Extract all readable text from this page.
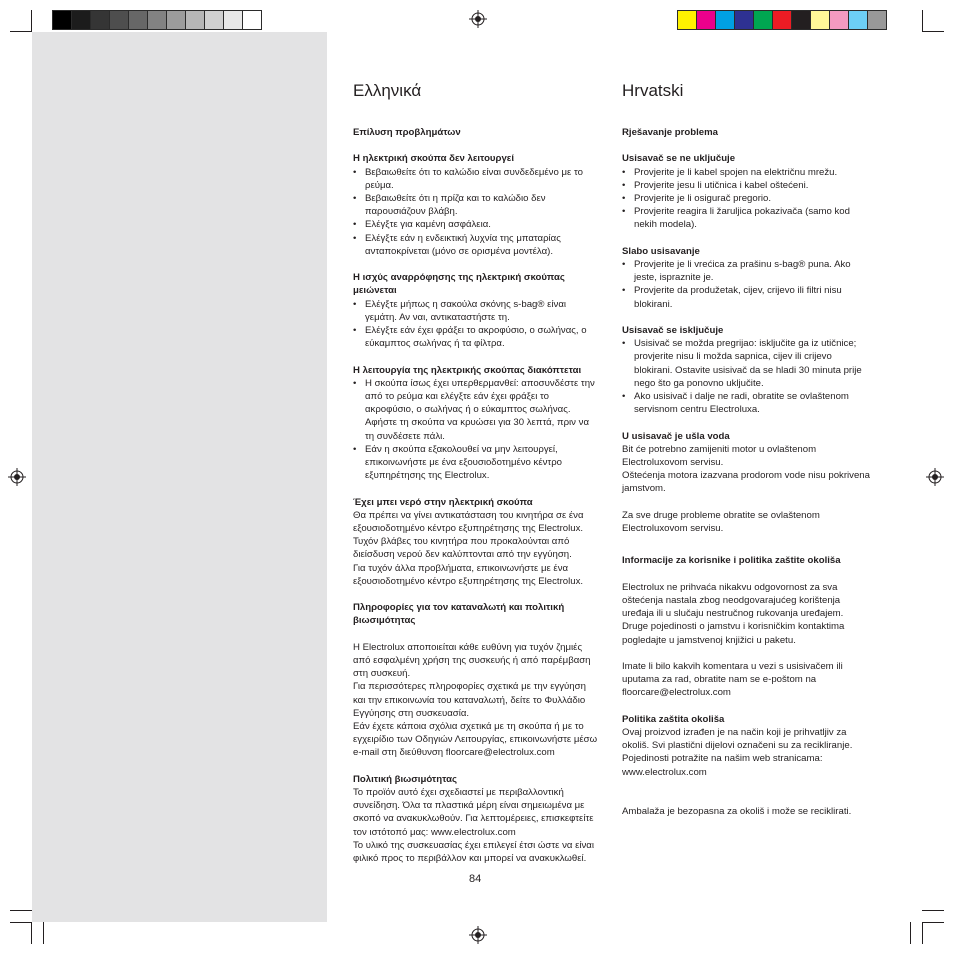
Ελληνικά

Επίλυση προβλημάτων

Η ηλεκτρική σκούπα δεν λειτουργεί

• Βεβαιωθείτε ότι το καλώδιο είναι συνδεδεμένο με το ρεύμα.
• Βεβαιωθείτε ότι η πρίζα και το καλώδιο δεν παρουσιάζουν βλάβη.
• Ελέγξτε για καμένη ασφάλεια.
• Ελέγξτε εάν η ενδεικτική λυχνία της μπαταρίας ανταποκρίνεται (μόνο σε ορισμένα μοντέλα).

Η ισχύς αναρρόφησης της ηλεκτρική σκούπας μειώνεται

• Ελέγξτε μήπως η σακούλα σκόνης s-bag® είναι γεμάτη. Αν ναι, αντικαταστήστε τη.
• Ελέγξτε εάν έχει φράξει το ακροφύσιο, ο σωλήνας, ο εύκαμπτος σωλήνας ή τα φίλτρα.

Η λειτουργία της ηλεκτρικής σκούπας διακόπτεται

• Η σκούπα ίσως έχει υπερθερμανθεί: αποσυνδέστε την από το ρεύμα και ελέγξτε εάν έχει φράξει το ακροφύσιο, ο σωλήνας ή ο εύκαμπτος σωλήνας. Αφήστε τη σκούπα να κρυώσει για 30 λεπτά, πριν να τη συνδέσετε πάλι.
• Εάν η σκούπα εξακολουθεί να μην λειτουργεί, επικοινωνήστε με ένα εξουσιοδοτημένο κέντρο εξυπηρέτησης της Electrolux.

Έχει μπει νερό στην ηλεκτρική σκούπα

Θα πρέπει να γίνει αντικατάσταση του κινητήρα σε ένα εξουσιοδοτημένο κέντρο εξυπηρέτησης της Electrolux. Τυχόν βλάβες του κινητήρα που προκαλούνται από διείσδυση νερού δεν καλύπτονται από την εγγύηση.

Για τυχόν άλλα προβλήματα, επικοινωνήστε με ένα εξουσιοδοτημένο κέντρο εξυπηρέτησης της Electrolux.

Πληροφορίες για τον καταναλωτή και πολιτική βιωσιμότητας

Η Electrolux αποποιείται κάθε ευθύνη για τυχόν ζημιές από εσφαλμένη χρήση της συσκευής ή από παρέμβαση στη συσκευή.

Για περισσότερες πληροφορίες σχετικά με την εγγύηση και την επικοινωνία του καταναλωτή, δείτε το Φυλλάδιο Εγγύησης στη συσκευασία.

Εάν έχετε κάποια σχόλια σχετικά με τη σκούπα ή με το εγχειρίδιο των Οδηγιών Λειτουργίας, επικοινωνήστε μέσω e-mail στη διεύθυνση floorcare@electrolux.com

Πολιτική βιωσιμότητας

Το προϊόν αυτό έχει σχεδιαστεί με περιβαλλοντική συνείδηση. Όλα τα πλαστικά μέρη είναι σημειωμένα με σκοπό να ανακυκλωθούν. Για λεπτομέρειες, επισκεφτείτε τον ιστότοπό μας: www.electrolux.com

Το υλικό της συσκευασίας έχει επιλεγεί έτσι ώστε να είναι φιλικό προς το περιβάλλον και μπορεί να ανακυκλωθεί.

Hrvatski

Rješavanje problema

Usisavač se ne uključuje

• Provjerite je li kabel spojen na električnu mrežu.
• Provjerite jesu li utičnica i kabel oštećeni.
• Provjerite je li osigurač pregorio.
• Provjerite reagira li žaruljica pokazivača (samo kod nekih modela).

Slabo usisavanje

• Provjerite je li vrećica za prašinu s-bag® puna. Ako jeste, ispraznite je.
• Provjerite da produžetak, cijev, crijevo ili filtri nisu blokirani.

Usisavač se isključuje

• Usisivač se možda pregrijao: isključite ga iz utičnice; provjerite nisu li možda sapnica, cijev ili crijevo blokirani. Ostavite usisivač da se hladi 30 minuta prije nego što ga ponovno uključite.
• Ako usisivač i dalje ne radi, obratite se ovlaštenom servisnom centru Electroluxa.

U usisavač je ušla voda

Bit će potrebno zamijeniti motor u ovlaštenom Electroluxovom servisu.

Oštećenja motora izazvana prodorom vode nisu pokrivena jamstvom.

Za sve druge probleme obratite se ovlaštenom Electroluxovom servisu.

Informacije za korisnike i politika zaštite okoliša

Electrolux ne prihvaća nikakvu odgovornost za sva oštećenja nastala zbog neodgovarajućeg korištenja uređaja ili u slučaju nestručnog rukovanja uređajem. Druge pojedinosti o jamstvu i korisničkim kontaktima pogledajte u jamstvenoj knjižici u paketu.

Imate li bilo kakvih komentara u vezi s usisivačem ili uputama za rad, obratite nam se e-poštom na floorcare@electrolux.com

Politika zaštita okoliša

Ovaj proizvod izrađen je na način koji je prihvatljiv za okoliš. Svi plastični dijelovi označeni su za recikliranje. Pojedinosti potražite na našim web stranicama: www.electrolux.com

Ambalaža je bezopasna za okoliš i može se reciklirati.

84
